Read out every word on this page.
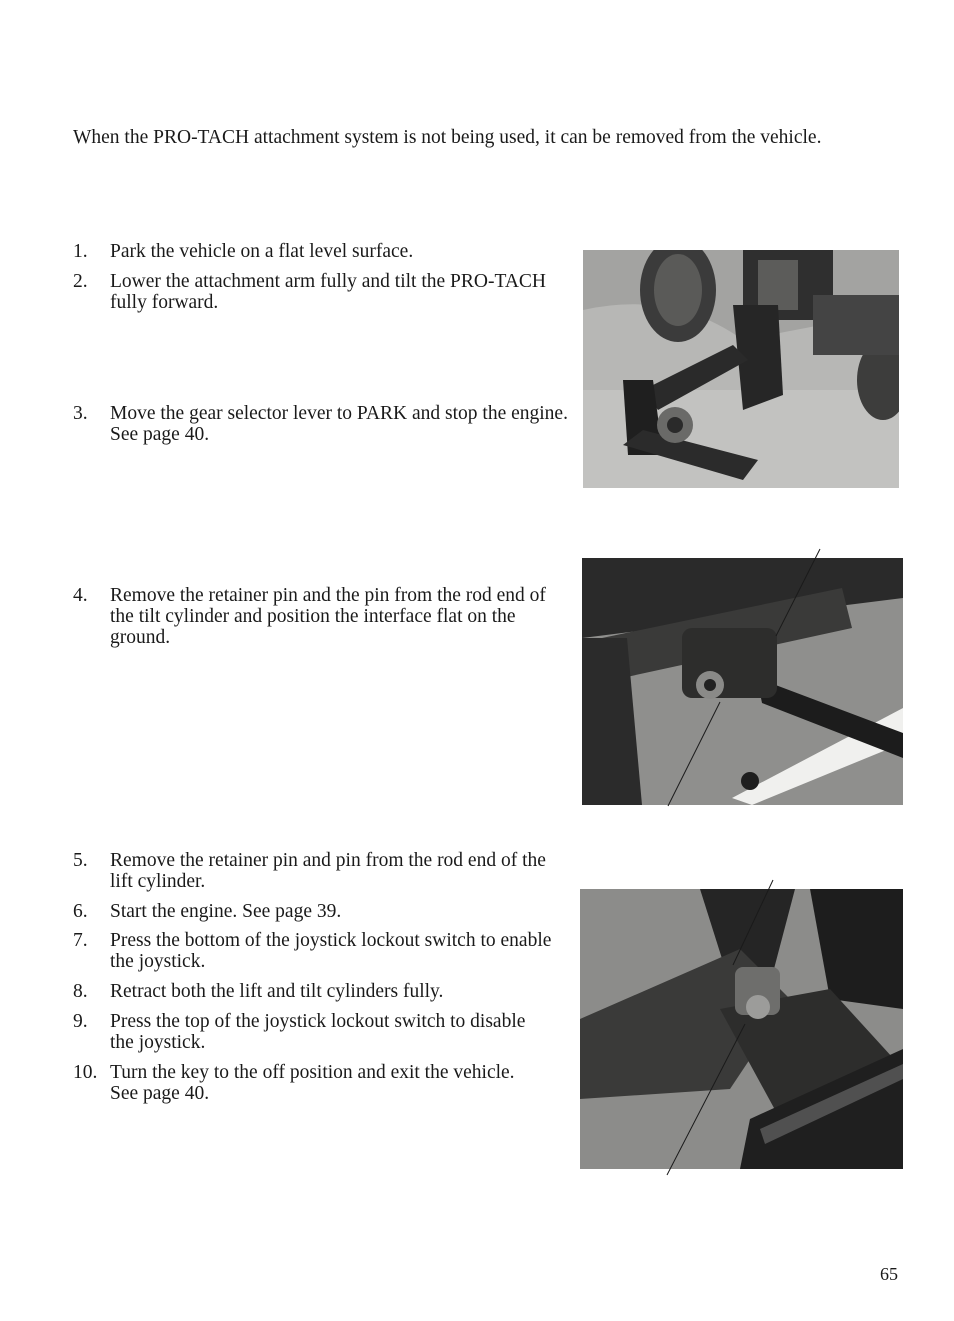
When the PRO-TACH attachment system is not being used, it can be removed from the vehicle.

1.	Park the vehicle on a flat level surface.
2.	Lower the attachment arm fully and tilt the PRO-TACH fully forward.
3.	Move the gear selector lever to PARK and stop the engine. See page 40.
4.	Remove the retainer pin and the pin from the rod end of the tilt cylinder and position the interface flat on the ground.
5.	Remove the retainer pin and pin from the rod end of the lift cylinder.
6.	Start the engine. See page 39.
7.	Press the bottom of the joystick lockout switch to enable the joystick.
8.	Retract both the lift and tilt cylinders fully.
9.	Press the top of the joystick lockout switch to disable the joystick.
10. Turn the key to the off position and exit the vehicle. See page 40.
65
